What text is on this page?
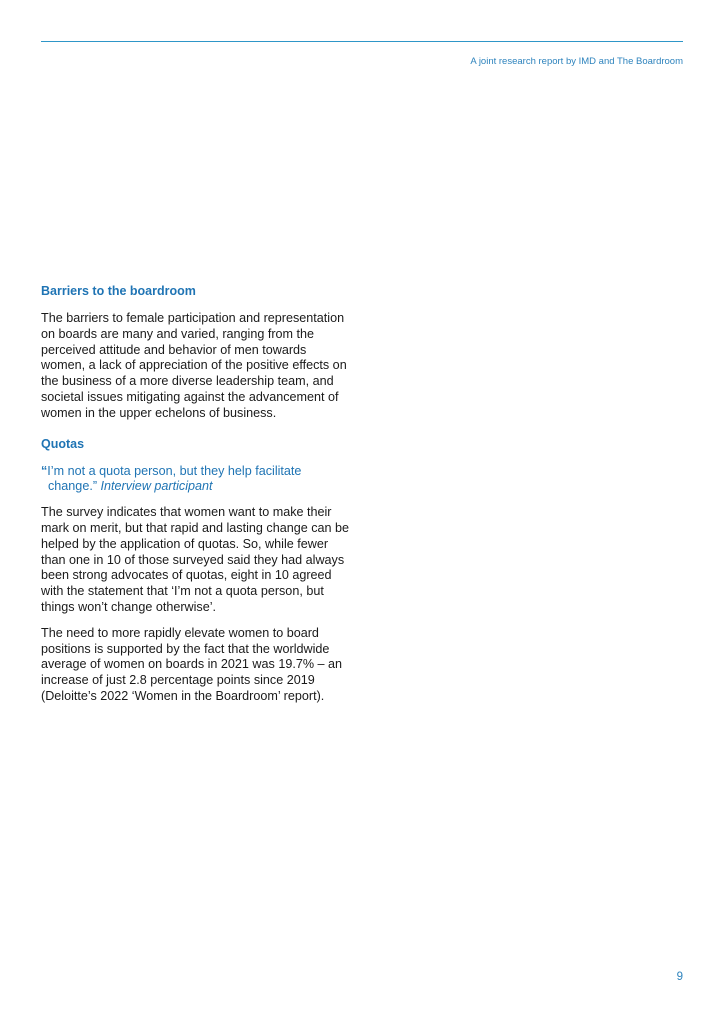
A joint research report by IMD and The Boardroom
Barriers to the boardroom

The barriers to female participation and representation on boards are many and varied, ranging from the perceived attitude and behavior of men towards women, a lack of appreciation of the positive effects on the business of a more diverse leadership team, and societal issues mitigating against the advancement of women in the upper echelons of business.

Quotas

“I’m not a quota person, but they help facilitate change.” Interview participant

The survey indicates that women want to make their mark on merit, but that rapid and lasting change can be helped by the application of quotas. So, while fewer than one in 10 of those surveyed said they had always been strong advocates of quotas, eight in 10 agreed with the statement that ‘I’m not a quota person, but things won’t change otherwise’.

The need to more rapidly elevate women to board positions is supported by the fact that the worldwide average of women on boards in 2021 was 19.7% – an increase of just 2.8 percentage points since 2019 (Deloitte’s 2022 ‘Women in the Boardroom’ report).

9
